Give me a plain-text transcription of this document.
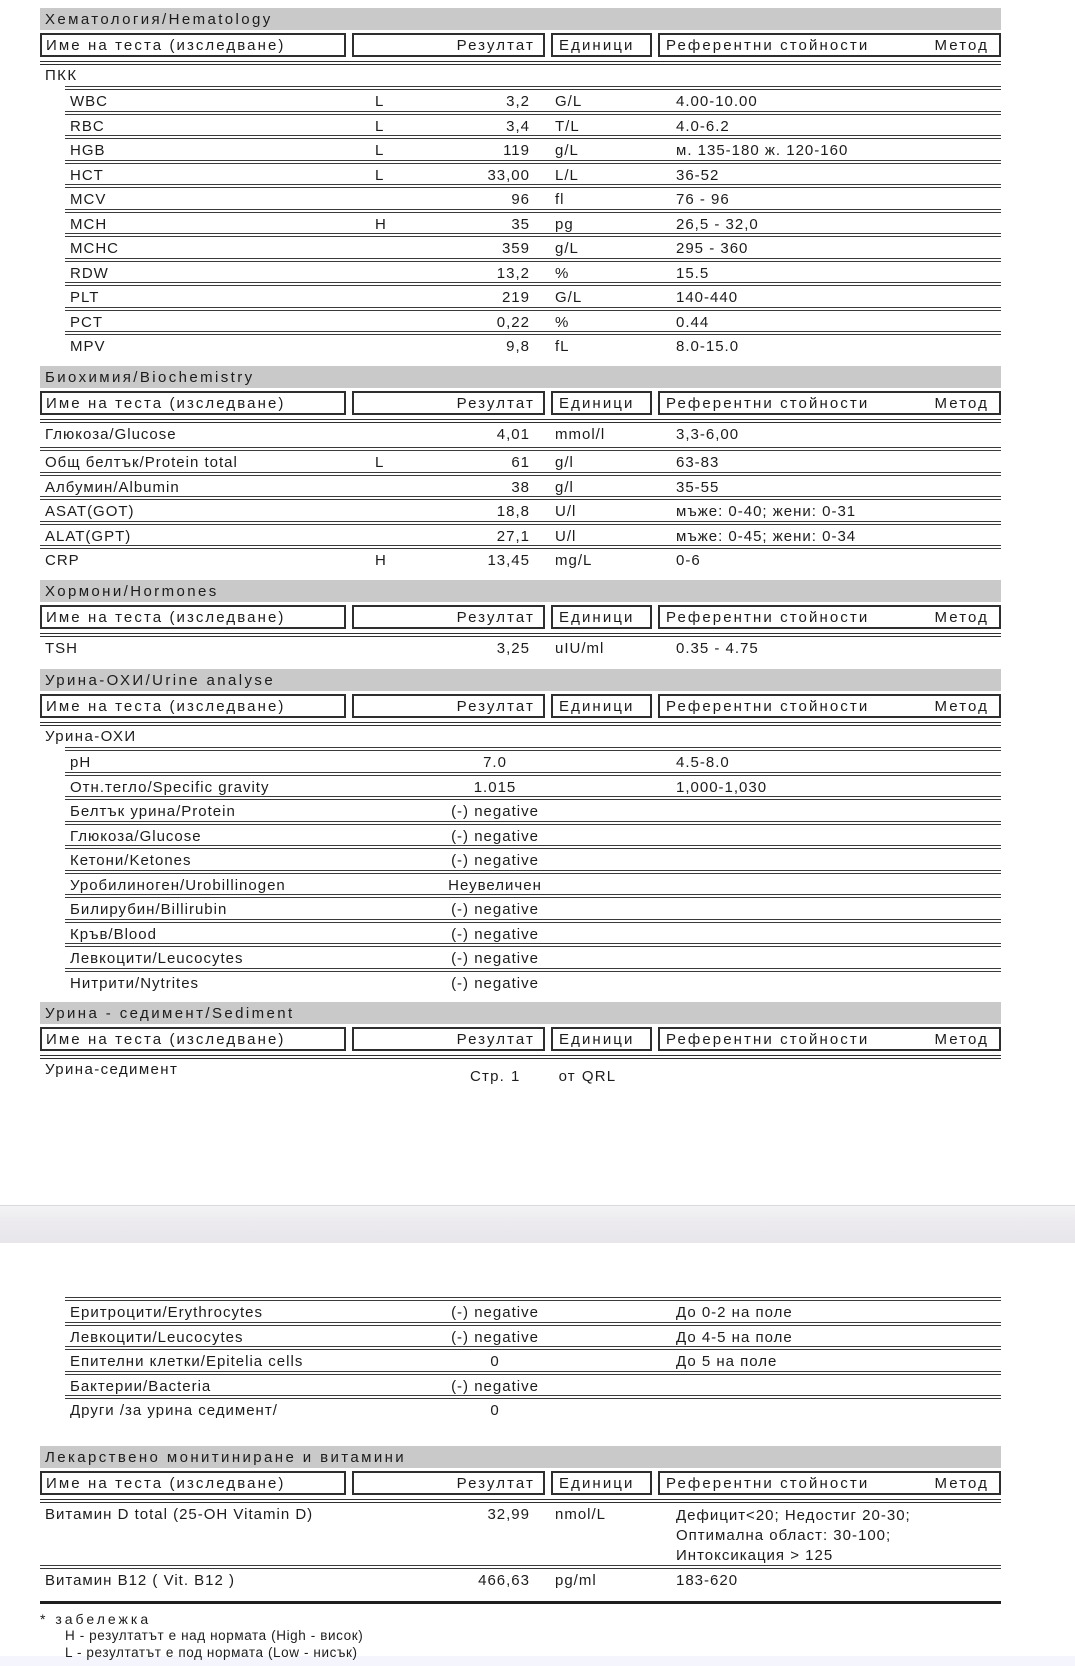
Хематология/Hematology
Име на теста (изследване)	Резултат	Единици	Референтни стойности	Метод
ПКК
WBC	L	3,2 G/L	4.00-10.00
RBC	L	3,4 T/L	4.0-6.2
HGB	L	119 g/L	м. 135-180 ж. 120-160
HCT	L	33,00 L/L	36-52
MCV	96 fl	76 - 96
MCH	H	35 pg	26,5 - 32,0
MCHC	359 g/L	295 - 360
RDW	13,2 %	15.5
PLT	219 G/L	140-440
PCT	0,22 %	0.44
MPV	9,8 fL	8.0-15.0
Биохимия/Biochemistry
Име на теста (изследване)	Резултат	Единици	Референтни стойности	Метод
Глюкоза/Glucose	4,01 mmol/l	3,3-6,00
Общ белтък/Protein total	L	61 g/l	63-83
Албумин/Albumin	38 g/l	35-55
ASAT(GOT)	18,8 U/l	мъже: 0-40; жени: 0-31
ALAT(GPT)	27,1 U/l	мъже: 0-45; жени: 0-34
CRP	H	13,45 mg/L	0-6
Хормони/Hormones
Име на теста (изследване)	Резултат	Единици	Референтни стойности	Метод
TSH	3,25 uIU/ml	0.35 - 4.75
Урина-ОХИ/Urine analyse
Име на теста (изследване)	Резултат	Единици	Референтни стойности	Метод
Урина-ОХИ
pH	7.0	4.5-8.0
Отн.тегло/Specific gravity	1.015	1,000-1,030
Белтък урина/Protein	(-) negative
Глюкоза/Glucose	(-) negative
Кетони/Ketones	(-) negative
Уробилиноген/Urobillinogen	Неувеличен
Билирубин/Billirubin	(-) negative
Кръв/Blood	(-) negative
Левкоцити/Leucocytes	(-) negative
Нитрити/Nytrites	(-) negative
Урина - седимент/Sediment
Име на теста (изследване)	Резултат	Единици	Референтни стойности	Метод
Урина-седимент	Стр. 1	от QRL
Еритроцити/Erythrocytes	(-) negative	До 0-2 на поле
Левкоцити/Leucocytes	(-) negative	До 4-5 на поле
Епителни клетки/Epitelia cells	0	До 5 на поле
Бактерии/Bacteria	(-) negative
Други /за урина седимент/	0
Лекарствено монитиниране и витамини
Име на теста (изследване)	Резултат	Единици	Референтни стойности	Метод
Витамин D total (25-OH Vitamin D)	32,99 nmol/L	Дефицит<20; Недостиг 20-30;
Оптимална област: 30-100;
Интоксикация > 125
Витамин B12 ( Vit. B12 )	466,63 pg/ml	183-620
* забележка
H - резултатът е над нормата (High - висок)
L - резултатът е под нормата (Low - нисък)
